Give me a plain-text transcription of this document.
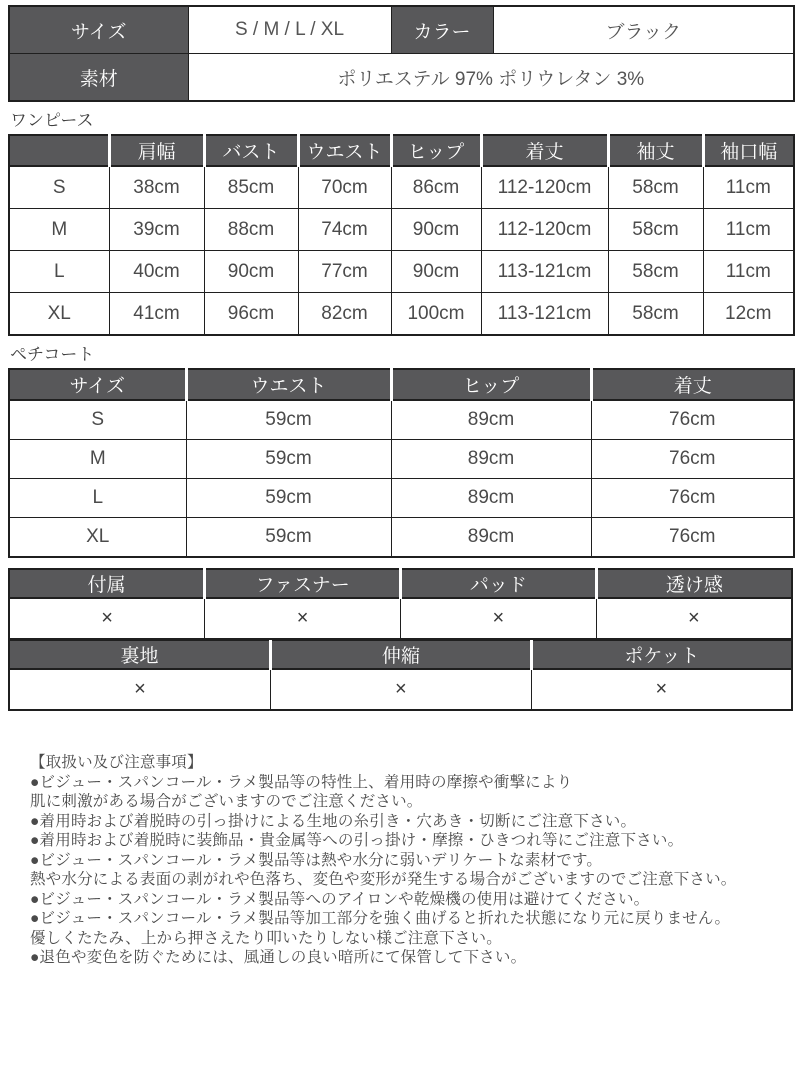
サイズ	S / M / L / XL	カラー	ブラック
素材	ポリエステル 97% ポリウレタン 3%		
ワンピース
	肩幅	バスト	ウエスト	ヒップ	着丈	袖丈	袖口幅
S	38cm	85cm	70cm	86cm	112-120cm	58cm	11cm
M	39cm	88cm	74cm	90cm	112-120cm	58cm	11cm
L	40cm	90cm	77cm	90cm	113-121cm	58cm	11cm
XL	41cm	96cm	82cm	100cm	113-121cm	58cm	12cm
ペチコート
サイズ	ウエスト	ヒップ	着丈
S	59cm	89cm	76cm
M	59cm	89cm	76cm
L	59cm	89cm	76cm
XL	59cm	89cm	76cm
付属	ファスナー	パッド	透け感
×	×	×	×
裏地	伸縮	ポケット
×	×	×
【取扱い及び注意事項】
●ビジュー・スパンコール・ラメ製品等の特性上、着用時の摩擦や衝撃により
肌に刺激がある場合がございますのでご注意ください。
●着用時および着脱時の引っ掛けによる生地の糸引き・穴あき・切断にご注意下さい。
●着用時および着脱時に装飾品・貴金属等への引っ掛け・摩擦・ひきつれ等にご注意下さい。
●ビジュー・スパンコール・ラメ製品等は熱や水分に弱いデリケートな素材です。
熱や水分による表面の剥がれや色落ち、変色や変形が発生する場合がございますのでご注意下さい。
●ビジュー・スパンコール・ラメ製品等へのアイロンや乾燥機の使用は避けてください。
●ビジュー・スパンコール・ラメ製品等加工部分を強く曲げると折れた状態になり元に戻りません。
優しくたたみ、上から押さえたり叩いたりしない様ご注意下さい。
●退色や変色を防ぐためには、風通しの良い暗所にて保管して下さい。
